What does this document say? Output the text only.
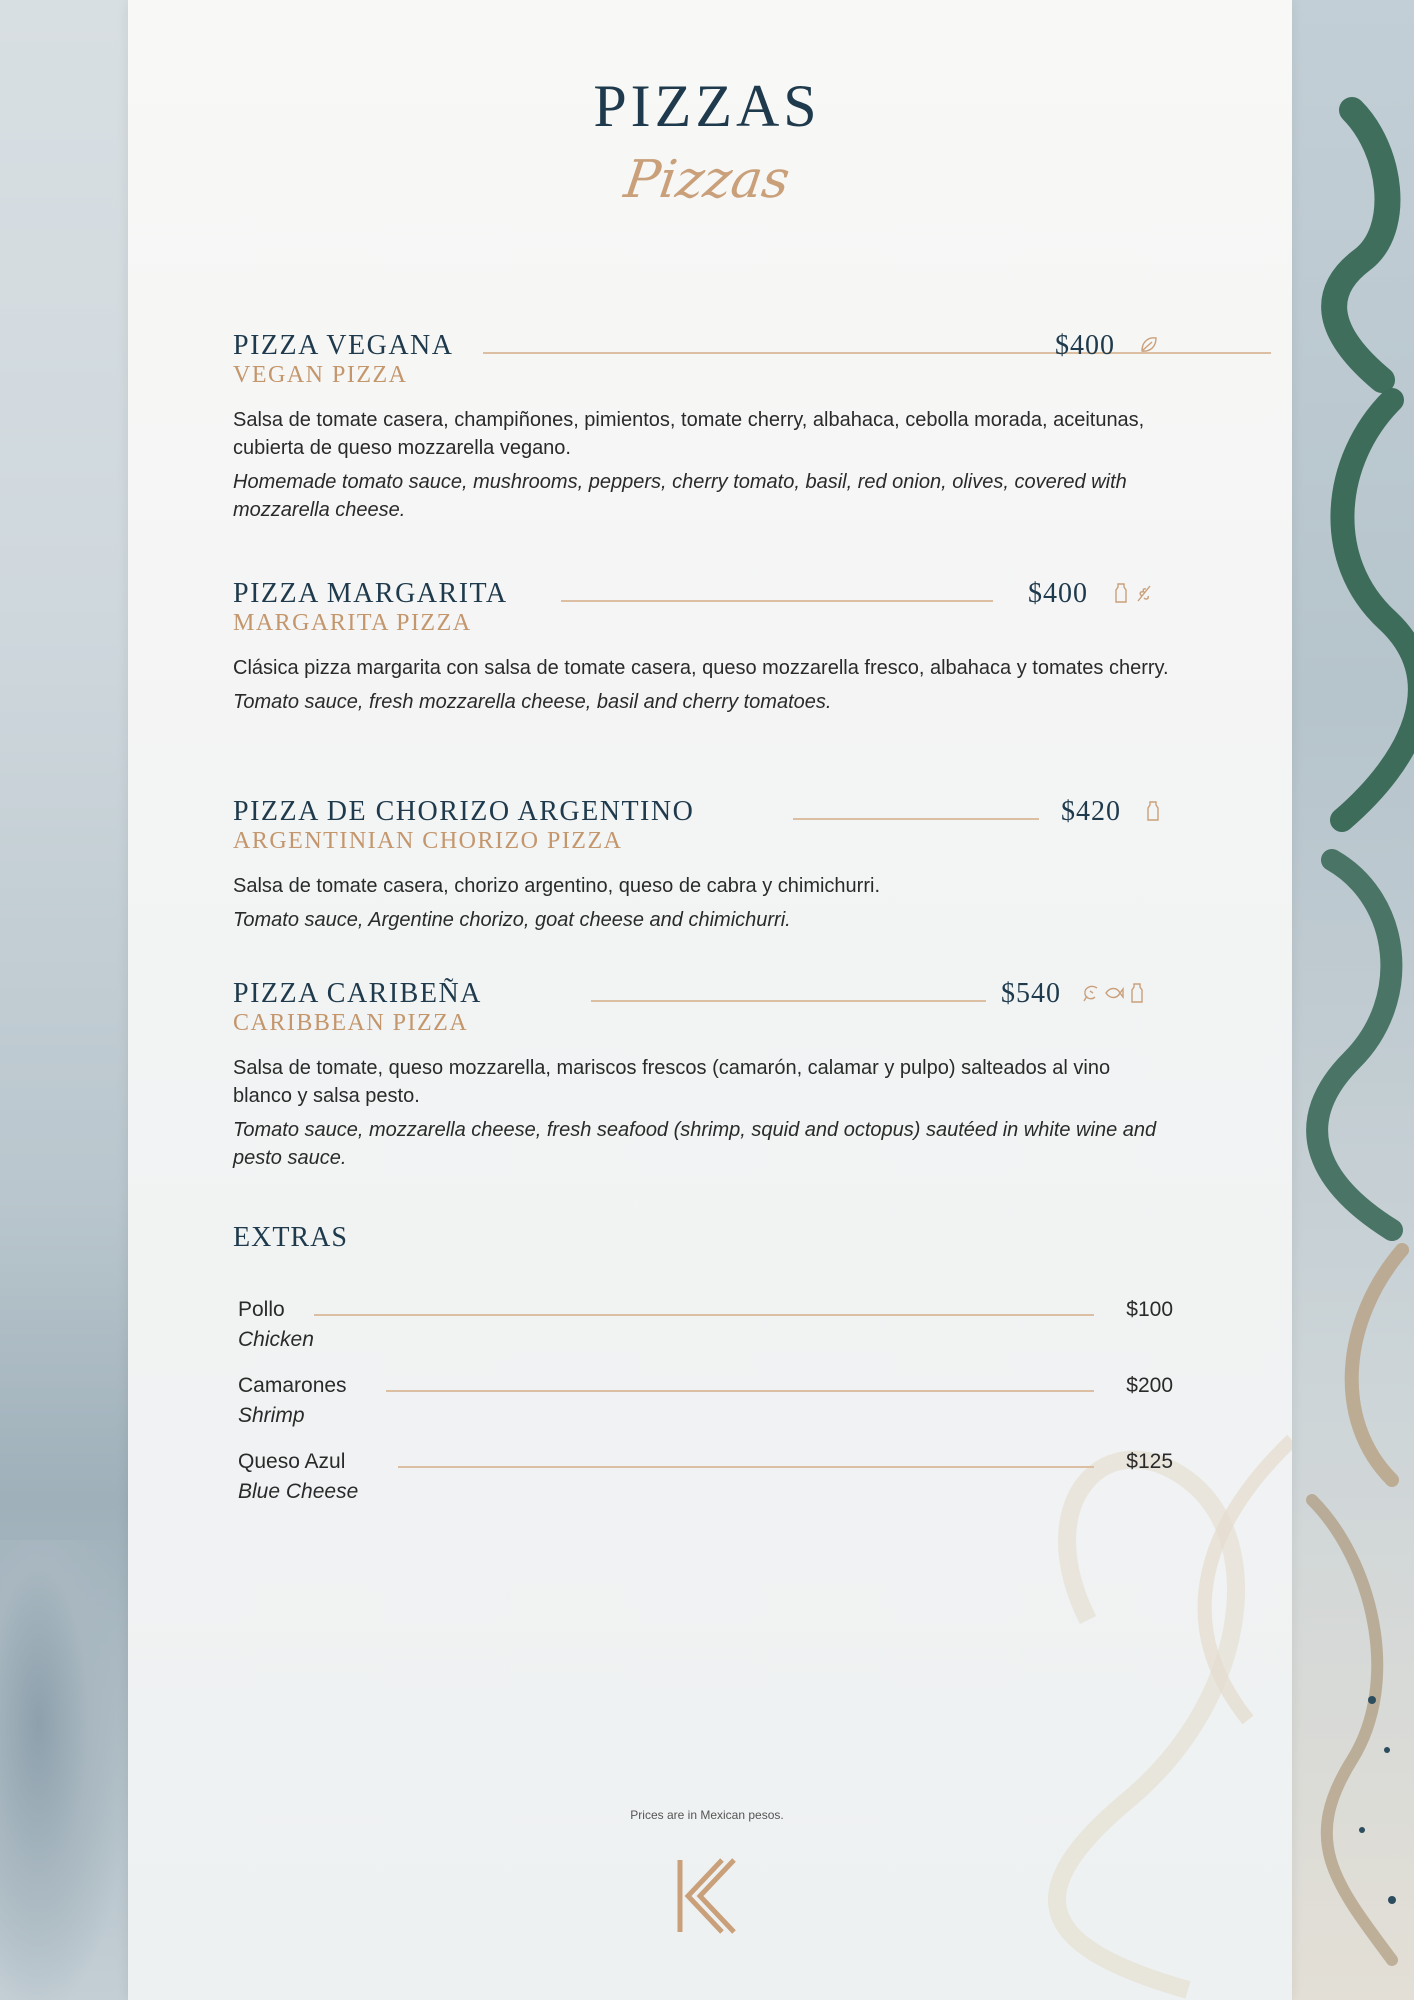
PIZZAS
Pizzas
PIZZA VEGANA
VEGAN PIZZA
$400
Salsa de tomate casera, champiñones, pimientos, tomate cherry, albahaca, cebolla morada, aceitunas, cubierta de queso mozzarella vegano.
Homemade tomato sauce, mushrooms, peppers, cherry tomato, basil, red onion, olives, covered with mozzarella cheese.
PIZZA MARGARITA
MARGARITA PIZZA
$400
Clásica pizza margarita con salsa de tomate casera, queso mozzarella fresco, albahaca y tomates cherry.
Tomato sauce, fresh mozzarella cheese, basil and cherry tomatoes.
PIZZA DE CHORIZO ARGENTINO
ARGENTINIAN CHORIZO PIZZA
$420
Salsa de tomate casera, chorizo argentino, queso de cabra y chimichurri.
Tomato sauce, Argentine chorizo, goat cheese and chimichurri.
PIZZA CARIBEÑA
CARIBBEAN PIZZA
$540
Salsa de tomate, queso mozzarella, mariscos frescos (camarón, calamar y pulpo) salteados al vino blanco y salsa pesto.
Tomato sauce, mozzarella cheese, fresh seafood (shrimp, squid and octopus) sautéed in white wine and pesto sauce.
EXTRAS
Pollo
Chicken
$100
Camarones
Shrimp
$200
Queso Azul
Blue Cheese
$125
Prices are in Mexican pesos.
